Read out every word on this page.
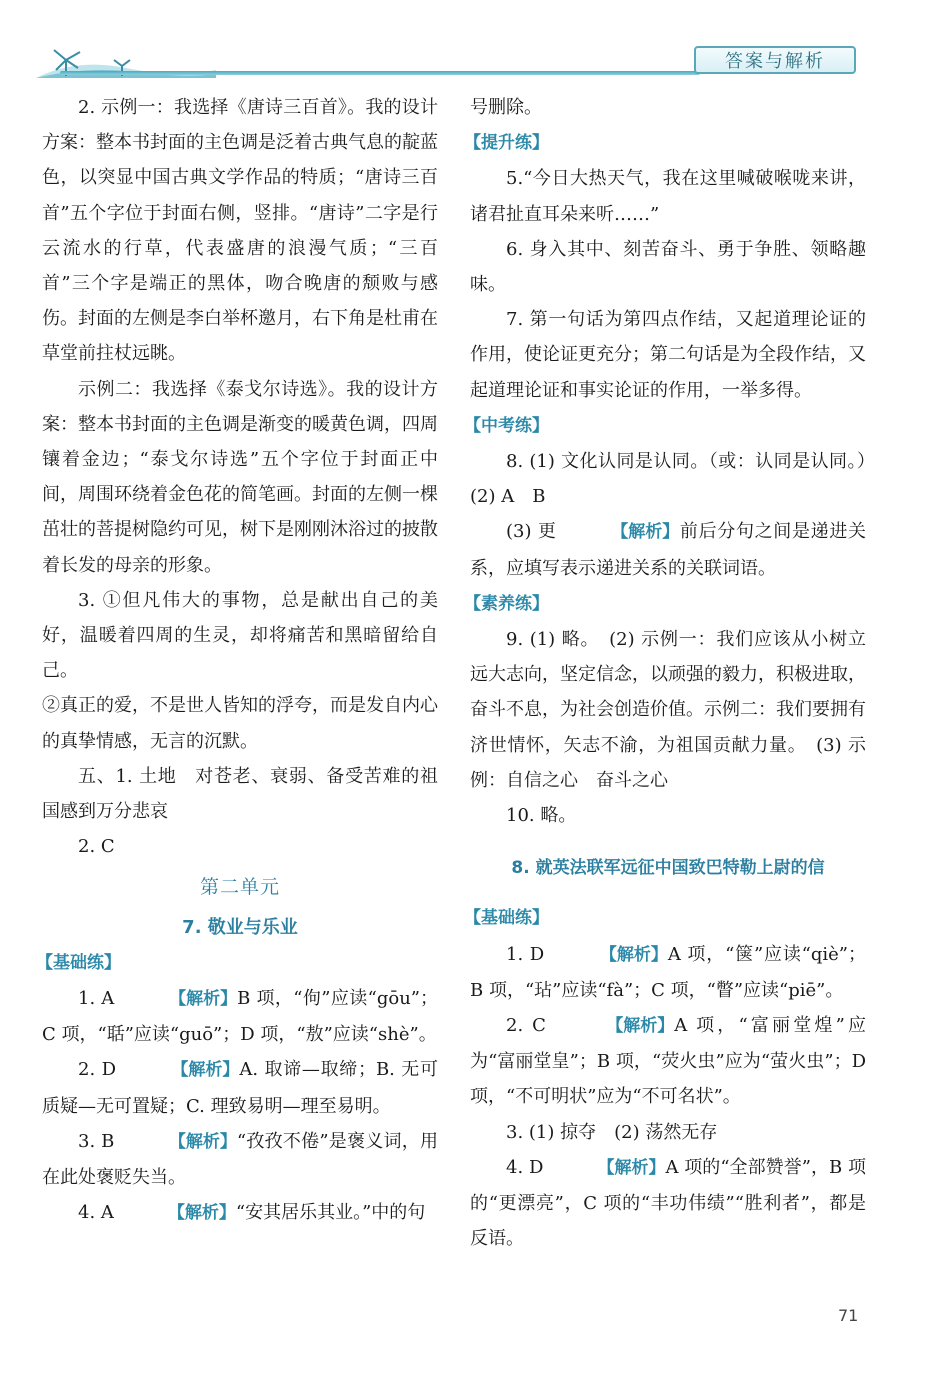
答案与解析

2. 示例一：我选择《唐诗三百首》。我的设计方案：整本书封面的主色调是泛着古典气息的靛蓝色，以突显中国古典文学作品的特质；“唐诗三百首”五个字位于封面右侧，竖排。“唐诗”二字是行云流水的行草，代表盛唐的浪漫气质；“三百首”三个字是端正的黑体，吻合晚唐的颓败与感伤。封面的左侧是李白举杯邀月，右下角是杜甫在草堂前拄杖远眺。

示例二：我选择《泰戈尔诗选》。我的设计方案：整本书封面的主色调是渐变的暖黄色调，四周镶着金边；“泰戈尔诗选”五个字位于封面正中间，周围环绕着金色花的简笔画。封面的左侧一棵茁壮的菩提树隐约可见，树下是刚刚沐浴过的披散着长发的母亲的形象。

3. ①但凡伟大的事物，总是献出自己的美好，温暖着四周的生灵，却将痛苦和黑暗留给自己。

②真正的爱，不是世人皆知的浮夸，而是发自内心的真挚情感，无言的沉默。

五、1. 土地　对苍老、衰弱、备受苦难的祖国感到万分悲哀

2. C

第二单元
7. 敬业与乐业
【基础练】

1. A　【解析】B 项，“佝”应读“gōu”；C 项，“聒”应读“guō”；D 项，“敖”应读“shè”。

2. D　【解析】A. 取谛—取缔；B. 无可质疑—无可置疑；C. 理致易明—理至易明。

3. B　【解析】“孜孜不倦”是褒义词，用在此处褒贬失当。

4. A　【解析】“安其居乐其业。”中的句

号删除。

【提升练】

5.“今日大热天气，我在这里喊破喉咙来讲，诸君扯直耳朵来听……”

6. 身入其中、刻苦奋斗、勇于争胜、领略趣味。

7. 第一句话为第四点作结，又起道理论证的作用，使论证更充分；第二句话是为全段作结，又起道理论证和事实论证的作用，一举多得。

【中考练】

8. (1) 文化认同是认同。（或：认同是认同。）　(2) A　B

(3) 更　【解析】前后分句之间是递进关系，应填写表示递进关系的关联词语。

【素养练】

9. (1) 略。　(2) 示例一：我们应该从小树立远大志向，坚定信念，以顽强的毅力，积极进取，奋斗不息，为社会创造价值。示例二：我们要拥有济世情怀，矢志不渝，为祖国贡献力量。　(3) 示例：自信之心　奋斗之心

10. 略。

8. 就英法联军远征中国致巴特勒上尉的信
【基础练】

1. D　【解析】A 项，“箧”应读“qiè”；B 项，“玷”应读“fà”；C 项，“瞥”应读“piē”。

2. C　【解析】A 项，“富丽堂煌”应为“富丽堂皇”；B 项，“荧火虫”应为“萤火虫”；D 项，“不可明状”应为“不可名状”。

3. (1) 掠夺　(2) 荡然无存

4. D　【解析】A 项的“全部赞誉”，B 项的“更漂亮”，C 项的“丰功伟绩”“胜利者”，都是反语。

71
